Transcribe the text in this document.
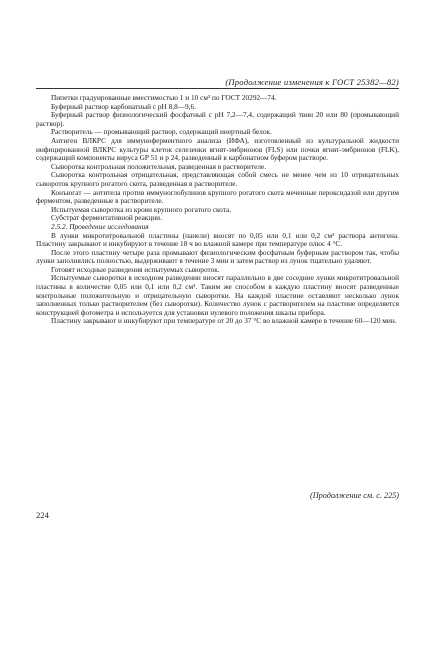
(Продолжение изменения к ГОСТ 25382—82)

Пипетки градуированные вместимостью 1 и 10 см³ по ГОСТ 20292—74.

Буферный раствор карбонатный с pH 8,8—9,6.

Буферный раствор физиологический фосфатный с pH 7,2—7,4, содержащий твин 20 или 80 (промывающий раствор).

Растворитель — промывающий раствор, содержащий инертный белок.

Антиген ВЛКРС для иммуноферментного анализа (ИФА), изготовленный из культуральной жидкости инфицированной ВЛКРС культуры клеток селезенки ягнят-эмбрионов (FLS) или почки ягнят-эмбрионов (FLK), содержащий компоненты вируса GP 51 и p 24, разведенный в карбонатном буфером растворе.

Сыворотка контрольная положительная, разведенная в растворителе.

Сыворотка контрольная отрицательная, представляющая собой смесь не менее чем из 10 отрицательных сывороток крупного рогатого скота, разведенная в растворителе.

Конъюгат — антитела против иммуноглобулинов крупного рогатого скота меченные пероксидазой или другим ферментом, разведенные в растворителе.

Испытуемая сыворотка из крови крупного рогатого скота.

Субстрат ферментативной реакции.

2.5.2. Проведение исследования

В лунки микротитровальной пластины (панели) вносят по 0,05 или 0,1 или 0,2 см³ раствора антигена. Пластину закрывают и инкубируют в течение 18 ч во влажной камере при температуре плюс 4 °С.

После этого пластину четыре раза промывают физиологическим фосфатным буферным раствором так, чтобы лунки заполнялись полностью, выдерживают в течение 3 мин и затем раствор из лунок тщательно удаляют.

Готовят исходные разведения испытуемых сывороток.

Испытуемые сыворотки в исходном разведении вносят параллельно в две соседние лунки микротитровальной пластины в количестве 0,05 или 0,1 или 0,2 см³. Таким же способом в каждую пластину вносят разведенные контрольные положительную и отрицательную сыворотки. На каждой пластине оставляют несколько лунок заполненных только растворителем (без сыворотки). Количество лунок с растворителем на пластине определяется конструкцией фотометра и используется для установки нулевого положения шкалы прибора.

Пластину закрывают и инкубируют при температуре от 20 до 37 °С во влажной камере в течение 60—120 мин.

(Продолжение см. с. 225)
224
